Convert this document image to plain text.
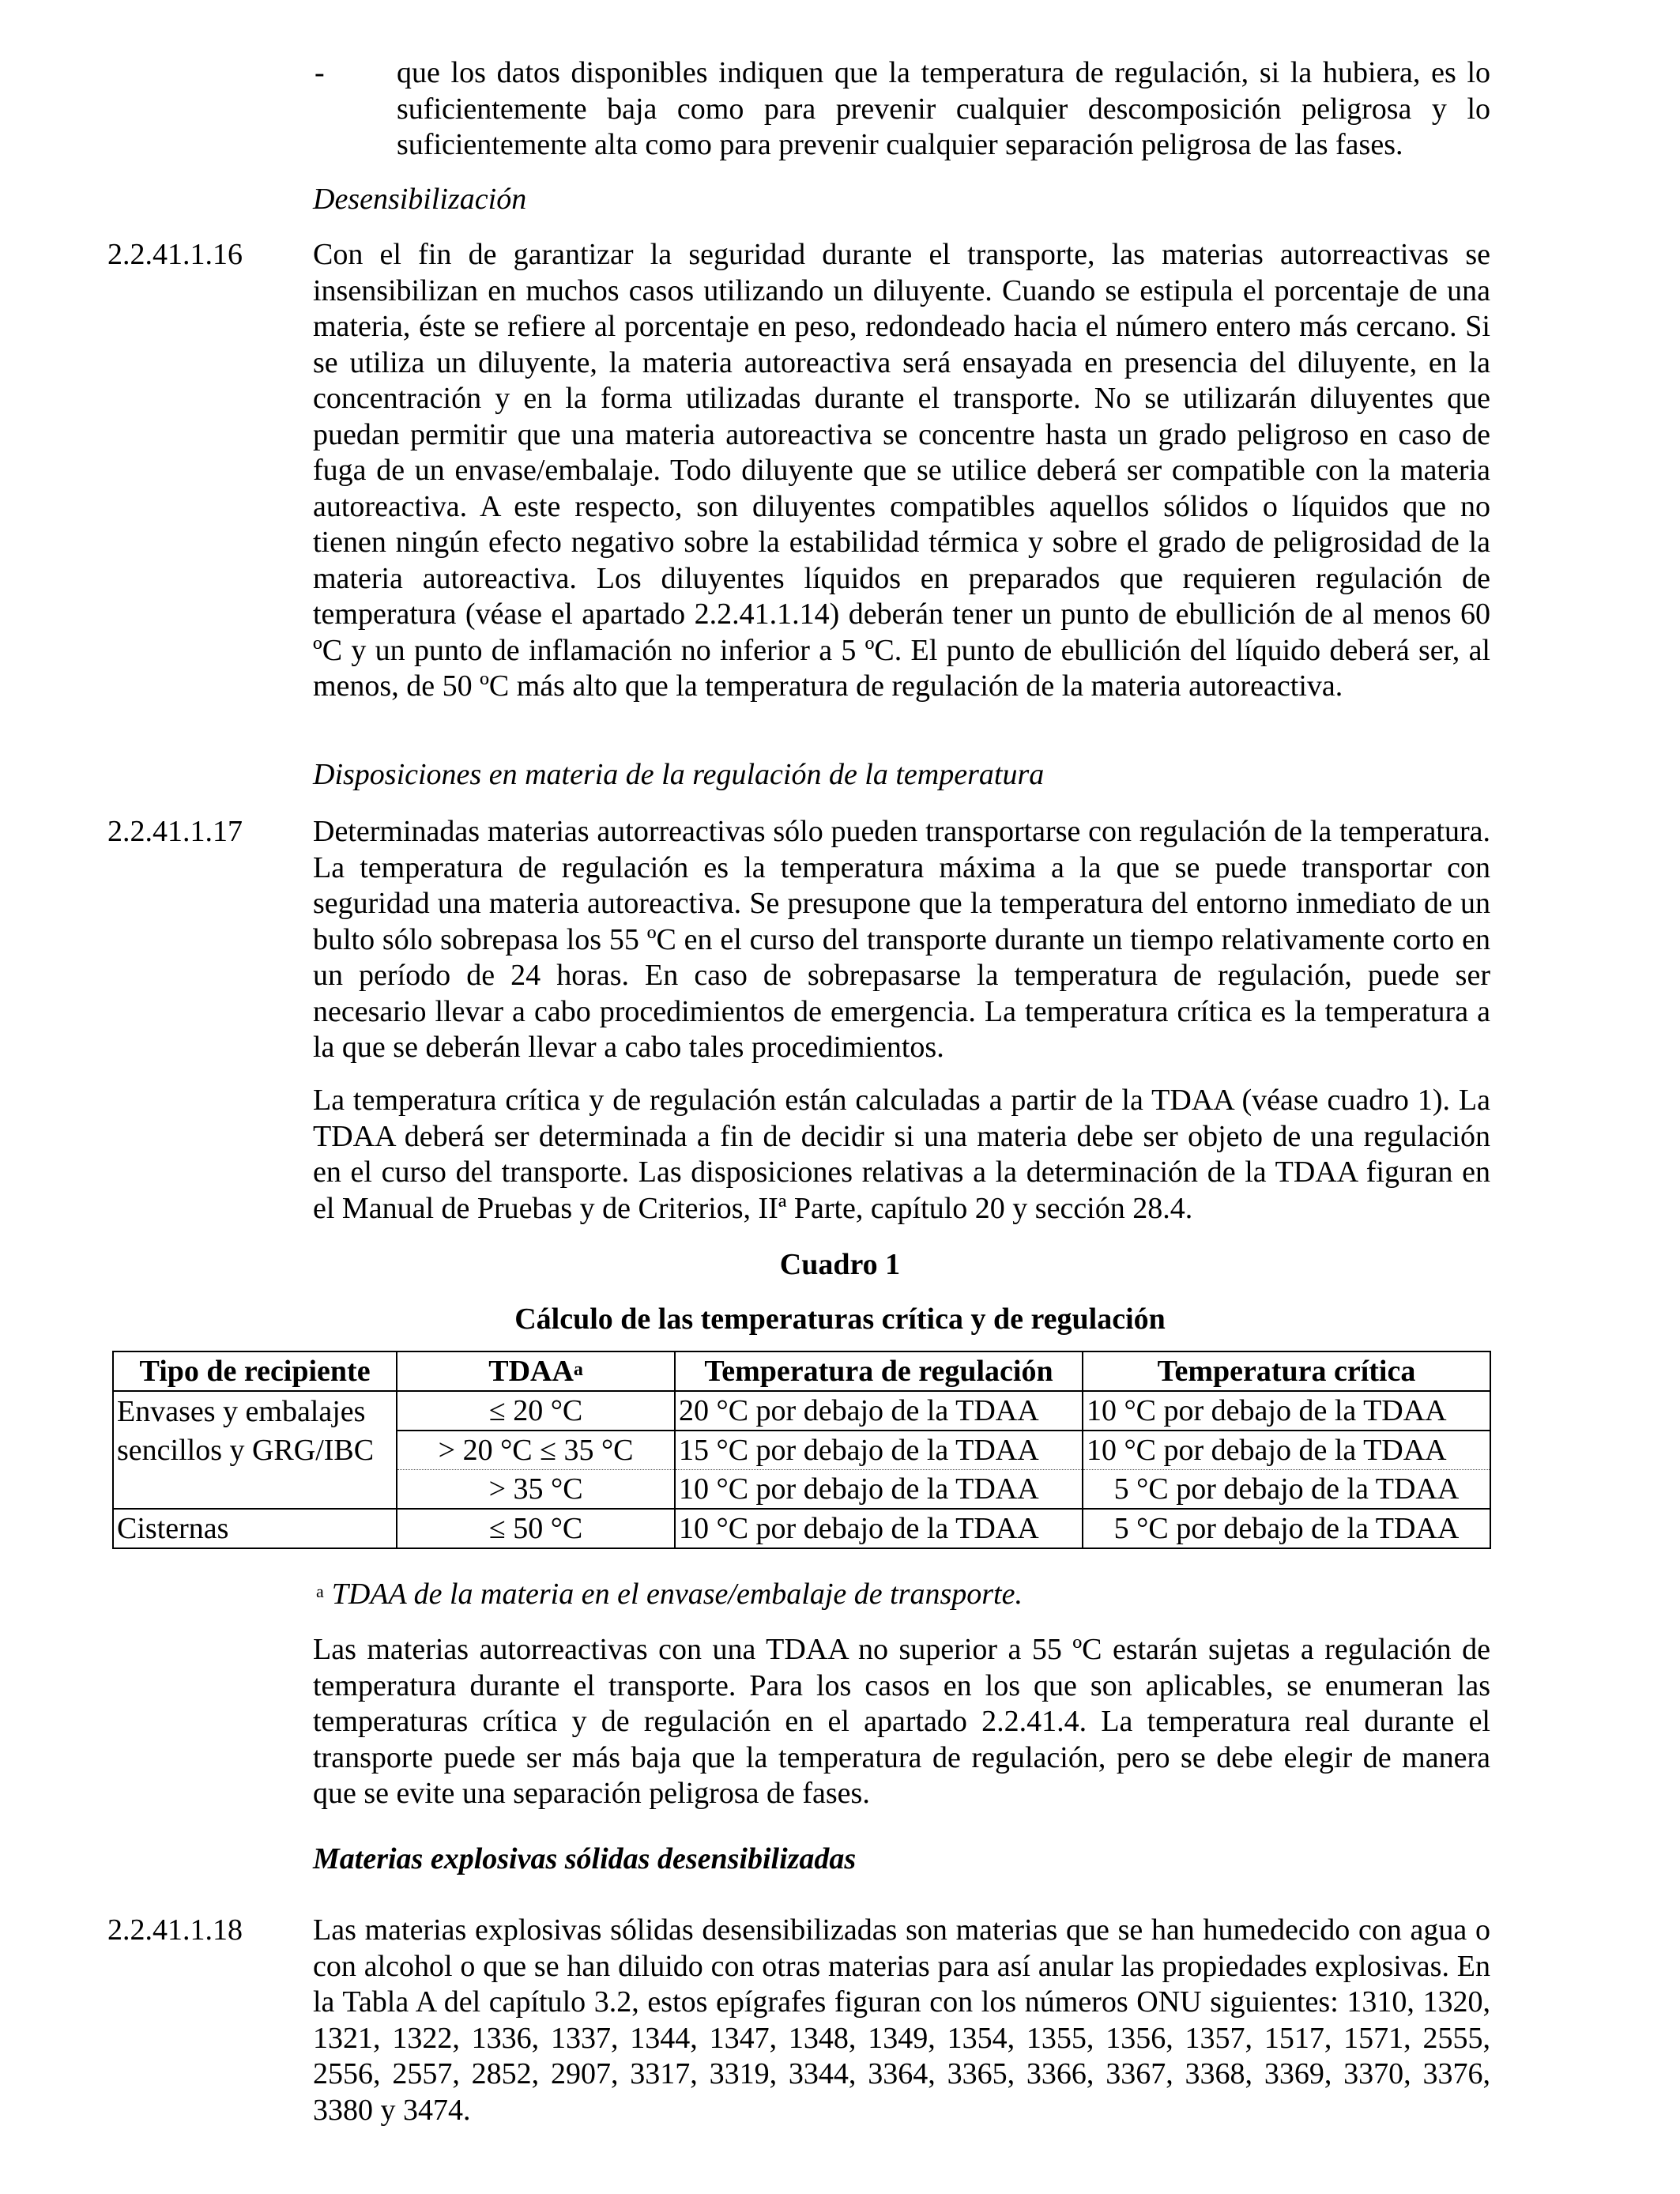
- que los datos disponibles indiquen que la temperatura de regulación, si la hubiera, es lo suficientemente baja como para prevenir cualquier descomposición peligrosa y lo suficientemente alta como para prevenir cualquier separación peligrosa de las fases.

Desensibilización

2.2.41.1.16 Con el fin de garantizar la seguridad durante el transporte, las materias autorreactivas se insensibilizan en muchos casos utilizando un diluyente. Cuando se estipula el porcentaje de una materia, éste se refiere al porcentaje en peso, redondeado hacia el número entero más cercano. Si se utiliza un diluyente, la materia autoreactiva será ensayada en presencia del diluyente, en la concentración y en la forma utilizadas durante el transporte. No se utilizarán diluyentes que puedan permitir que una materia autoreactiva se concentre hasta un grado peligroso en caso de fuga de un envase/embalaje. Todo diluyente que se utilice deberá ser compatible con la materia autoreactiva. A este respecto, son diluyentes compatibles aquellos sólidos o líquidos que no tienen ningún efecto negativo sobre la estabilidad térmica y sobre el grado de peligrosidad de la materia autoreactiva. Los diluyentes líquidos en preparados que requieren regulación de temperatura (véase el apartado 2.2.41.1.14) deberán tener un punto de ebullición de al menos 60 ºC y un punto de inflamación no inferior a 5 ºC. El punto de ebullición del líquido deberá ser, al menos, de 50 ºC más alto que la temperatura de regulación de la materia autoreactiva.

Disposiciones en materia de la regulación de la temperatura

2.2.41.1.17 Determinadas materias autorreactivas sólo pueden transportarse con regulación de la temperatura. La temperatura de regulación es la temperatura máxima a la que se puede transportar con seguridad una materia autoreactiva. Se presupone que la temperatura del entorno inmediato de un bulto sólo sobrepasa los 55 ºC en el curso del transporte durante un tiempo relativamente corto en un período de 24 horas. En caso de sobrepasarse la temperatura de regulación, puede ser necesario llevar a cabo procedimientos de emergencia. La temperatura crítica es la temperatura a la que se deberán llevar a cabo tales procedimientos.

La temperatura crítica y de regulación están calculadas a partir de la TDAA (véase cuadro 1). La TDAA deberá ser determinada a fin de decidir si una materia debe ser objeto de una regulación en el curso del transporte. Las disposiciones relativas a la determinación de la TDAA figuran en el Manual de Pruebas y de Criterios, IIª Parte, capítulo 20 y sección 28.4.

Cuadro 1

Cálculo de las temperaturas crítica y de regulación

Tipo de recipiente	TDAA$^a$	Temperatura de regulación	Temperatura crítica
Envases y embalajes	≤ 20 °C	20 °C por debajo de la TDAA	10 °C por debajo de la TDAA
sencillos y GRG/IBC	> 20 °C ≤ 35 °C	15 °C por debajo de la TDAA	10 °C por debajo de la TDAA
	> 35 °C	10 °C por debajo de la TDAA	5 °C por debajo de la TDAA
Cisternas	≤ 50 °C	10 °C por debajo de la TDAA	5 °C por debajo de la TDAA

$^a$ TDAA de la materia en el envase/embalaje de transporte.

Las materias autorreactivas con una TDAA no superior a 55 ºC estarán sujetas a regulación de temperatura durante el transporte. Para los casos en los que son aplicables, se enumeran las temperaturas crítica y de regulación en el apartado 2.2.41.4. La temperatura real durante el transporte puede ser más baja que la temperatura de regulación, pero se debe elegir de manera que se evite una separación peligrosa de fases.

Materias explosivas sólidas desensibilizadas

2.2.41.1.18 Las materias explosivas sólidas desensibilizadas son materias que se han humedecido con agua o con alcohol o que se han diluido con otras materias para así anular las propiedades explosivas. En la Tabla A del capítulo 3.2, estos epígrafes figuran con los números ONU siguientes: 1310, 1320, 1321, 1322, 1336, 1337, 1344, 1347, 1348, 1349, 1354, 1355, 1356, 1357, 1517, 1571, 2555, 2556, 2557, 2852, 2907, 3317, 3319, 3344, 3364, 3365, 3366, 3367, 3368, 3369, 3370, 3376, 3380 y 3474.
